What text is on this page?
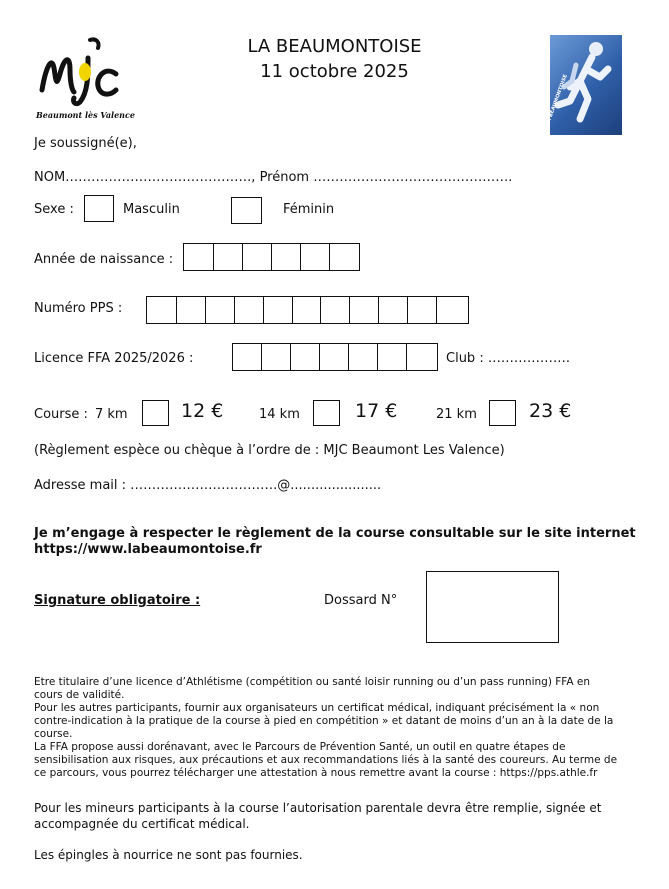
Beaumont lès Valence
LA BEAUMONTOISE
11 octobre 2025
LA BEAUMONTOISE
Je soussigné(e),
NOM……………………………………., Prénom ……………………………………….
Sexe :	Masculin	Féminin
Année de naissance :
Numéro PPS :
Licence FFA 2025/2026 :	Club : ……………….
Course : 7 km	12 €	14 km	17 €	21 km	23 €
(Règlement espèce ou chèque à l’ordre de : MJC Beaumont Les Valence)
Adresse mail : …………………………….@......................
Je m’engage à respecter le règlement de la course consultable sur le site internet
https://www.labeaumontoise.fr
Signature obligatoire :	Dossard N°
Etre titulaire d’une licence d’Athlétisme (compétition ou santé loisir running ou d’un pass running) FFA en
cours de validité.
Pour les autres participants, fournir aux organisateurs un certificat médical, indiquant précisément la « non
contre-indication à la pratique de la course à pied en compétition » et datant de moins d’un an à la date de la
course.
La FFA propose aussi dorénavant, avec le Parcours de Prévention Santé, un outil en quatre étapes de
sensibilisation aux risques, aux précautions et aux recommandations liés à la santé des coureurs. Au terme de
ce parcours, vous pourrez télécharger une attestation à nous remettre avant la course : https://pps.athle.fr
Pour les mineurs participants à la course l’autorisation parentale devra être remplie, signée et
accompagnée du certificat médical.
Les épingles à nourrice ne sont pas fournies.
